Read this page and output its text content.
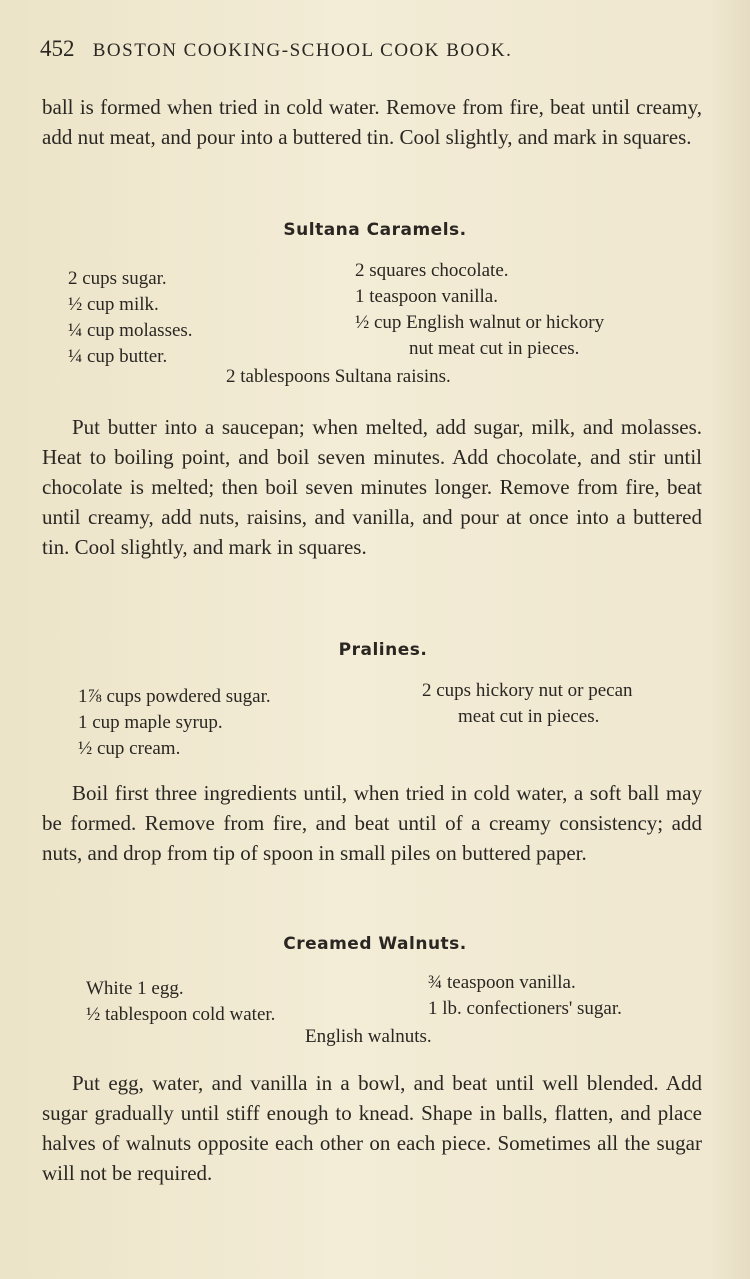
452 BOSTON COOKING-SCHOOL COOK BOOK.
ball is formed when tried in cold water. Remove from fire, beat until creamy, add nut meat, and pour into a buttered tin. Cool slightly, and mark in squares.
Sultana Caramels.
2 cups sugar.
½ cup milk.
¼ cup molasses.
¼ cup butter.
2 squares chocolate.
1 teaspoon vanilla.
½ cup English walnut or hickory
nut meat cut in pieces.
2 tablespoons Sultana raisins.
Put butter into a saucepan; when melted, add sugar, milk, and molasses. Heat to boiling point, and boil seven minutes. Add chocolate, and stir until chocolate is melted; then boil seven minutes longer. Remove from fire, beat until creamy, add nuts, raisins, and vanilla, and pour at once into a buttered tin. Cool slightly, and mark in squares.
Pralines.
1⅞ cups powdered sugar.
1 cup maple syrup.
½ cup cream.
2 cups hickory nut or pecan
meat cut in pieces.
Boil first three ingredients until, when tried in cold water, a soft ball may be formed. Remove from fire, and beat until of a creamy consistency; add nuts, and drop from tip of spoon in small piles on buttered paper.
Creamed Walnuts.
White 1 egg.
½ tablespoon cold water.
¾ teaspoon vanilla.
1 lb. confectioners' sugar.
English walnuts.
Put egg, water, and vanilla in a bowl, and beat until well blended. Add sugar gradually until stiff enough to knead. Shape in balls, flatten, and place halves of walnuts opposite each other on each piece. Sometimes all the sugar will not be required.
